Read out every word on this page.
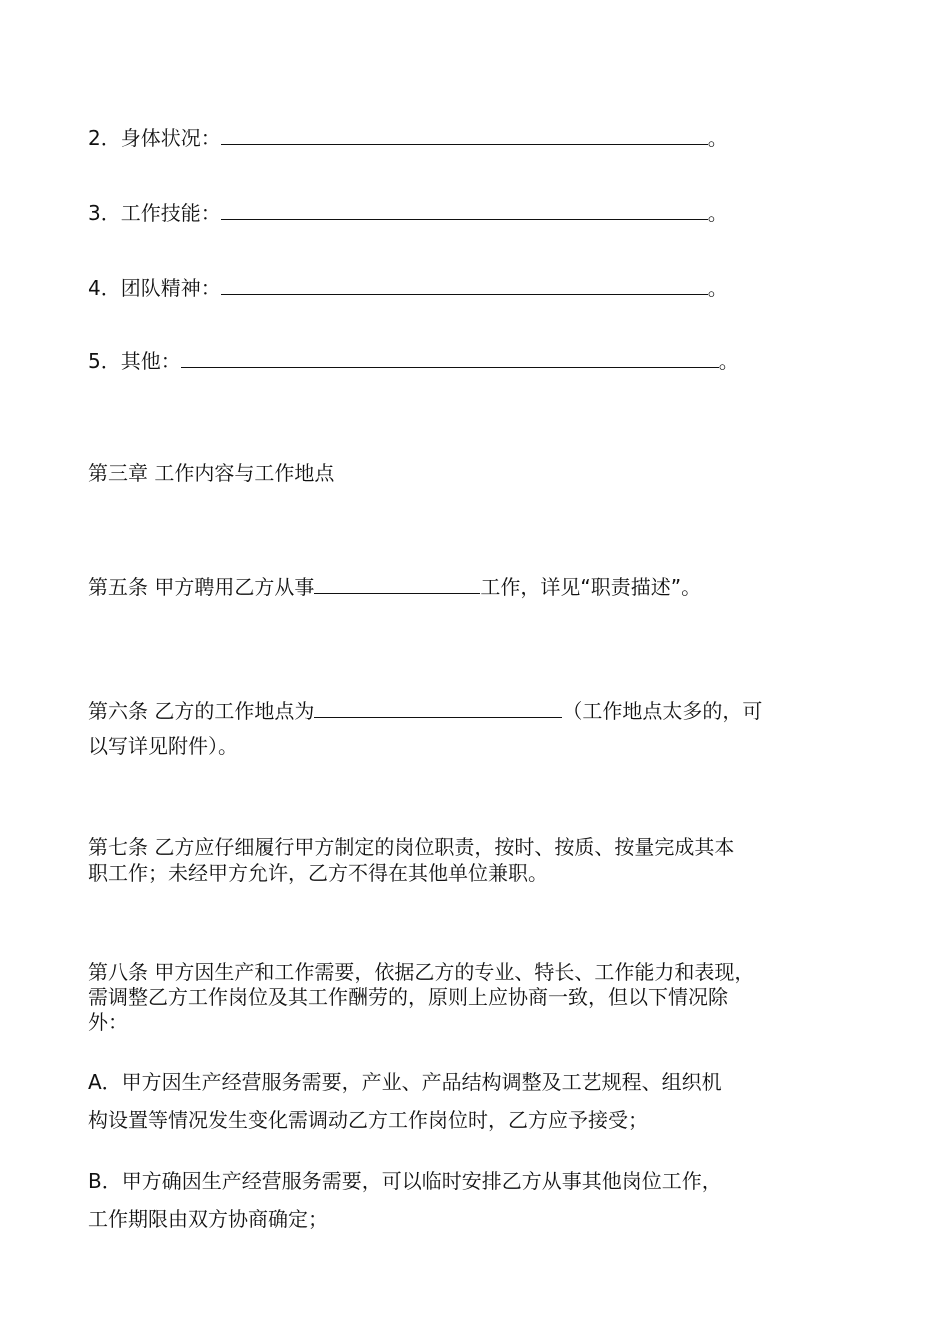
2．身体状况：	。
3．工作技能：	。
4．团队精神：	。
5．其他：	。
第三章 工作内容与工作地点
第五条 甲方聘用乙方从事	工作，详见“职责描述”。
第六条 乙方的工作地点为	（工作地点太多的，可
以写详见附件）。
第七条 乙方应仔细履行甲方制定的岗位职责，按时、按质、按量完成其本
职工作；未经甲方允许，乙方不得在其他单位兼职。
第八条 甲方因生产和工作需要，依据乙方的专业、特长、工作能力和表现，
需调整乙方工作岗位及其工作酬劳的，原则上应协商一致，但以下情况除
外：
A．甲方因生产经营服务需要，产业、产品结构调整及工艺规程、组织机
构设置等情况发生变化需调动乙方工作岗位时，乙方应予接受；
B．甲方确因生产经营服务需要，可以临时安排乙方从事其他岗位工作，
工作期限由双方协商确定；
